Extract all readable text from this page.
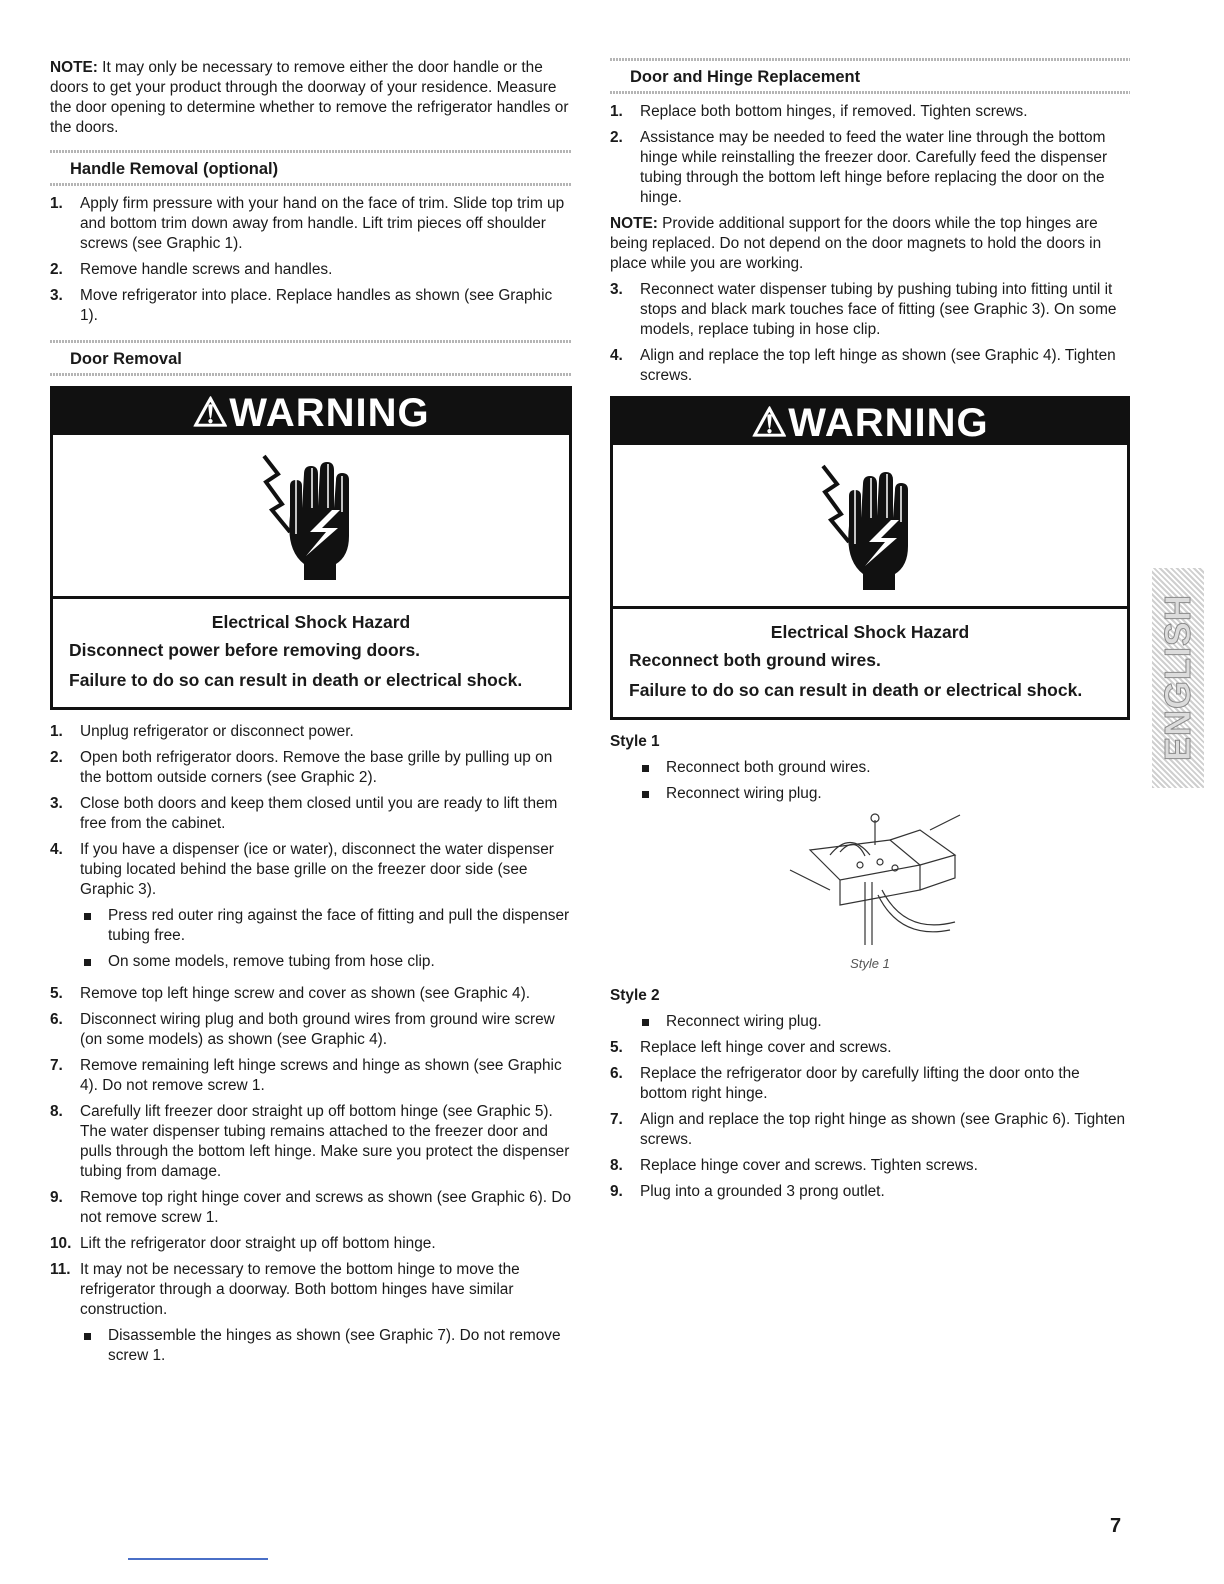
NOTE: It may only be necessary to remove either the door handle or the doors to get your product through the doorway of your residence. Measure the door opening to determine whether to remove the refrigerator handles or the doors.

Handle Removal (optional)
1.	Apply firm pressure with your hand on the face of trim. Slide top trim up and bottom trim down away from handle. Lift trim pieces off shoulder screws (see Graphic 1).
2.	Remove handle screws and handles.
3.	Move refrigerator into place. Replace handles as shown (see Graphic 1).
Door Removal
⚠WARNING
Electrical Shock Hazard
Disconnect power before removing doors.
Failure to do so can result in death or electrical shock.
1.	Unplug refrigerator or disconnect power.
2.	Open both refrigerator doors. Remove the base grille by pulling up on the bottom outside corners (see Graphic 2).
3.	Close both doors and keep them closed until you are ready to lift them free from the cabinet.
4.	If you have a dispenser (ice or water), disconnect the water dispenser tubing located behind the base grille on the freezer door side (see Graphic 3).
Press red outer ring against the face of fitting and pull the dispenser tubing free.
On some models, remove tubing from hose clip.
5.	Remove top left hinge screw and cover as shown (see Graphic 4).
6.	Disconnect wiring plug and both ground wires from ground wire screw (on some models) as shown (see Graphic 4).
7.	Remove remaining left hinge screws and hinge as shown (see Graphic 4). Do not remove screw 1.
8.	Carefully lift freezer door straight up off bottom hinge (see Graphic 5). The water dispenser tubing remains attached to the freezer door and pulls through the bottom left hinge. Make sure you protect the dispenser tubing from damage.
9.	Remove top right hinge cover and screws as shown (see Graphic 6). Do not remove screw 1.
10. Lift the refrigerator door straight up off bottom hinge.
11. It may not be necessary to remove the bottom hinge to move the refrigerator through a doorway. Both bottom hinges have similar construction.
Disassemble the hinges as shown (see Graphic 7). Do not remove screw 1.
Door and Hinge Replacement
1.	Replace both bottom hinges, if removed. Tighten screws.
2.	Assistance may be needed to feed the water line through the bottom hinge while reinstalling the freezer door. Carefully feed the dispenser tubing through the bottom left hinge before replacing the door on the hinge.

NOTE: Provide additional support for the doors while the top hinges are being replaced. Do not depend on the door magnets to hold the doors in place while you are working.

3.	Reconnect water dispenser tubing by pushing tubing into fitting until it stops and black mark touches face of fitting (see Graphic 3). On some models, replace tubing in hose clip.
4.	Align and replace the top left hinge as shown (see Graphic 4). Tighten screws.
⚠WARNING
Electrical Shock Hazard
Reconnect both ground wires.
Failure to do so can result in death or electrical shock.
Style 1
Reconnect both ground wires.
Reconnect wiring plug.
Style 1
Style 2
Reconnect wiring plug.
5.	Replace left hinge cover and screws.
6.	Replace the refrigerator door by carefully lifting the door onto the bottom right hinge.
7.	Align and replace the top right hinge as shown (see Graphic 6). Tighten screws.
8.	Replace hinge cover and screws. Tighten screws.
9.	Plug into a grounded 3 prong outlet.
ENGLISH
7
